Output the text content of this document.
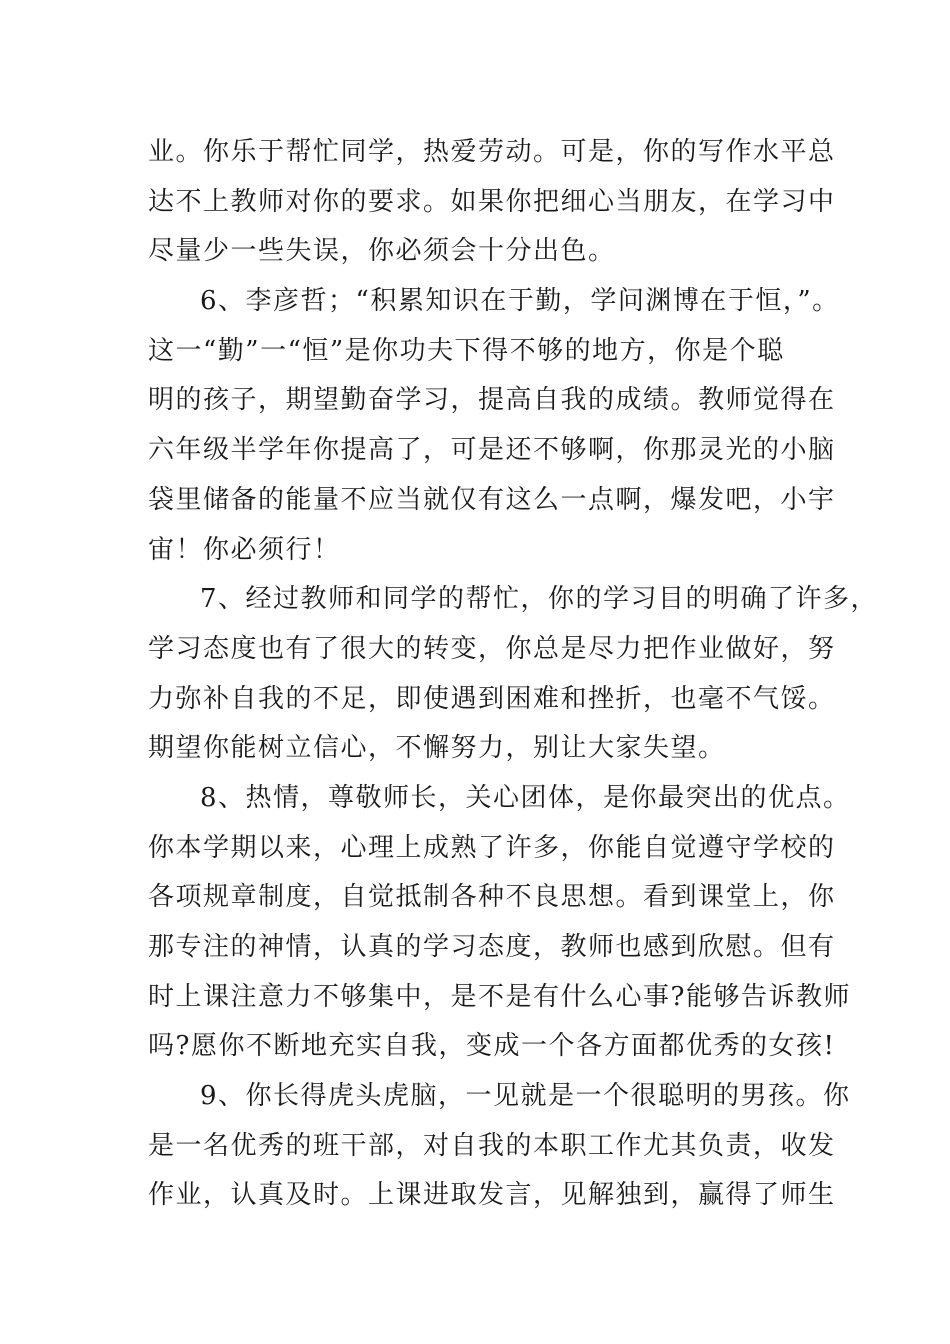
业。你乐于帮忙同学，热爱劳动。可是，你的写作水平总
达不上教师对你的要求。如果你把细心当朋友，在学习中
尽量少一些失误，你必须会十分出色。
6、李彦哲；“积累知识在于勤，学问渊博在于恒，”。
这一“勤”一“恒”是你功夫下得不够的地方，你是个聪
明的孩子，期望勤奋学习，提高自我的成绩。教师觉得在
六年级半学年你提高了，可是还不够啊，你那灵光的小脑
袋里储备的能量不应当就仅有这么一点啊，爆发吧，小宇
宙！你必须行！
7、经过教师和同学的帮忙，你的学习目的明确了许多，
学习态度也有了很大的转变，你总是尽力把作业做好，努
力弥补自我的不足，即使遇到困难和挫折，也毫不气馁。
期望你能树立信心，不懈努力，别让大家失望。
8、热情，尊敬师长，关心团体，是你最突出的优点。
你本学期以来，心理上成熟了许多，你能自觉遵守学校的
各项规章制度，自觉抵制各种不良思想。看到课堂上，你
那专注的神情，认真的学习态度，教师也感到欣慰。但有
时上课注意力不够集中，是不是有什么心事?能够告诉教师
吗?愿你不断地充实自我，变成一个各方面都优秀的女孩!
9、你长得虎头虎脑，一见就是一个很聪明的男孩。你
是一名优秀的班干部，对自我的本职工作尤其负责，收发
作业，认真及时。上课进取发言，见解独到，赢得了师生
